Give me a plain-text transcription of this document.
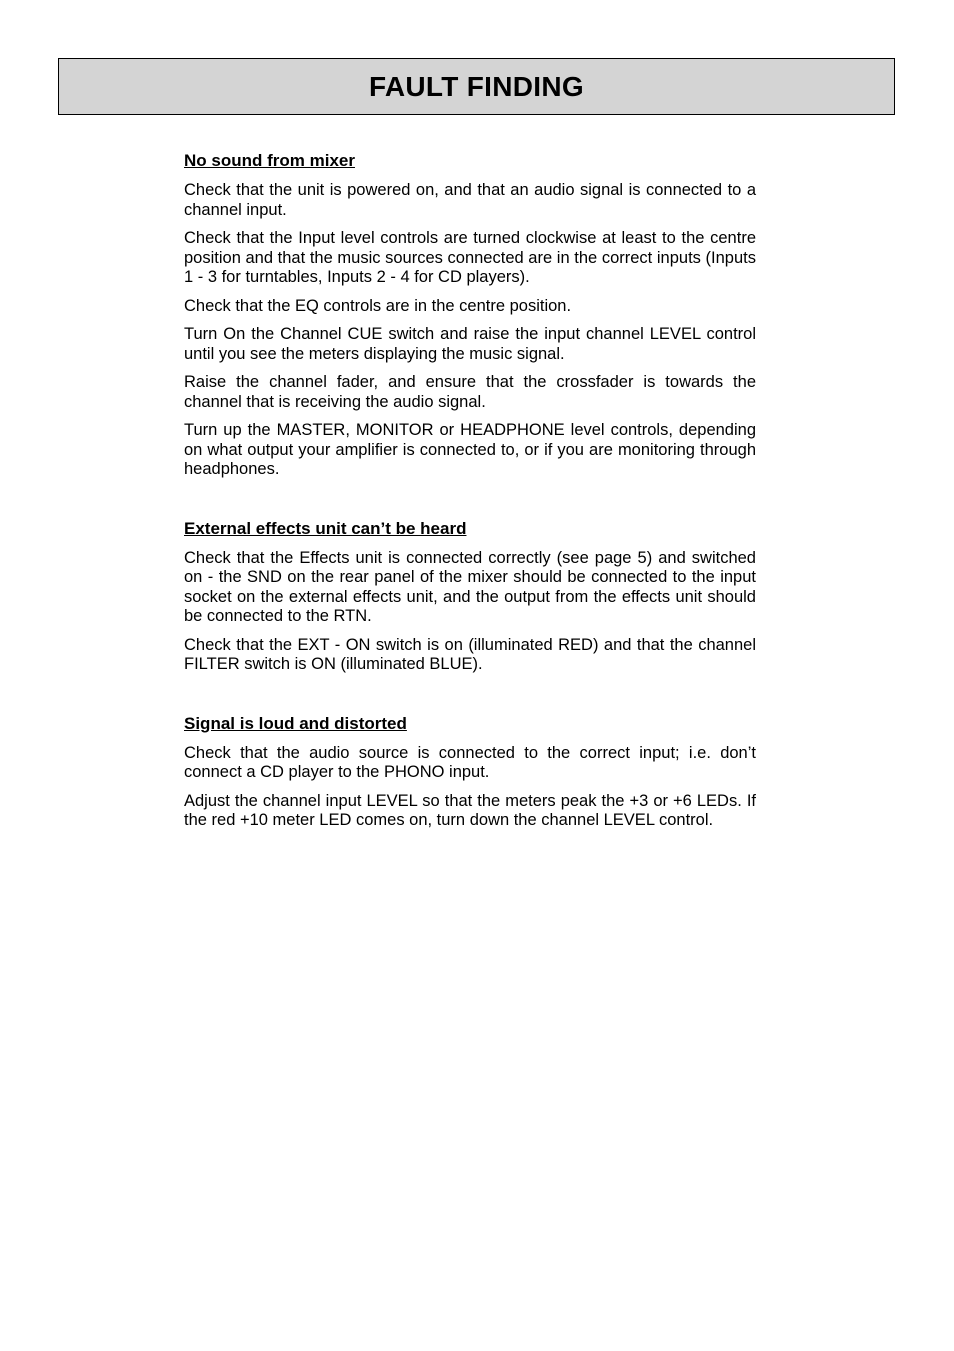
FAULT FINDING
No sound from mixer

Check that the unit is powered on, and that an audio signal is connected to a channel input.

Check that the Input level controls are turned clockwise at least to the centre position and that the music sources connected are in the correct inputs (Inputs 1 - 3 for turntables, Inputs 2 - 4 for CD players).

Check that the EQ controls are in the centre position.

Turn On the Channel CUE switch and raise the input channel LEVEL control until you see the meters displaying the music signal.

Raise the channel fader, and ensure that the crossfader is towards the channel that is receiving the audio signal.

Turn up the MASTER, MONITOR or HEADPHONE level controls, depending on what output your amplifier is connected to, or if you are monitoring through headphones.

External effects unit can’t be heard

Check that the Effects unit is connected correctly (see page 5) and switched on - the SND on the rear panel of the mixer should be connected to the input socket on the external effects unit, and the output from the effects unit should be connected to the RTN.

Check that the EXT - ON switch is on (illuminated RED) and that the channel FILTER switch is ON (illuminated BLUE).

Signal is loud and distorted

Check that the audio source is connected to the correct input; i.e. don’t connect a CD player to the PHONO input.

Adjust the channel input LEVEL so that the meters peak the +3 or +6 LEDs. If the red +10 meter LED comes on, turn down the channel LEVEL control.
